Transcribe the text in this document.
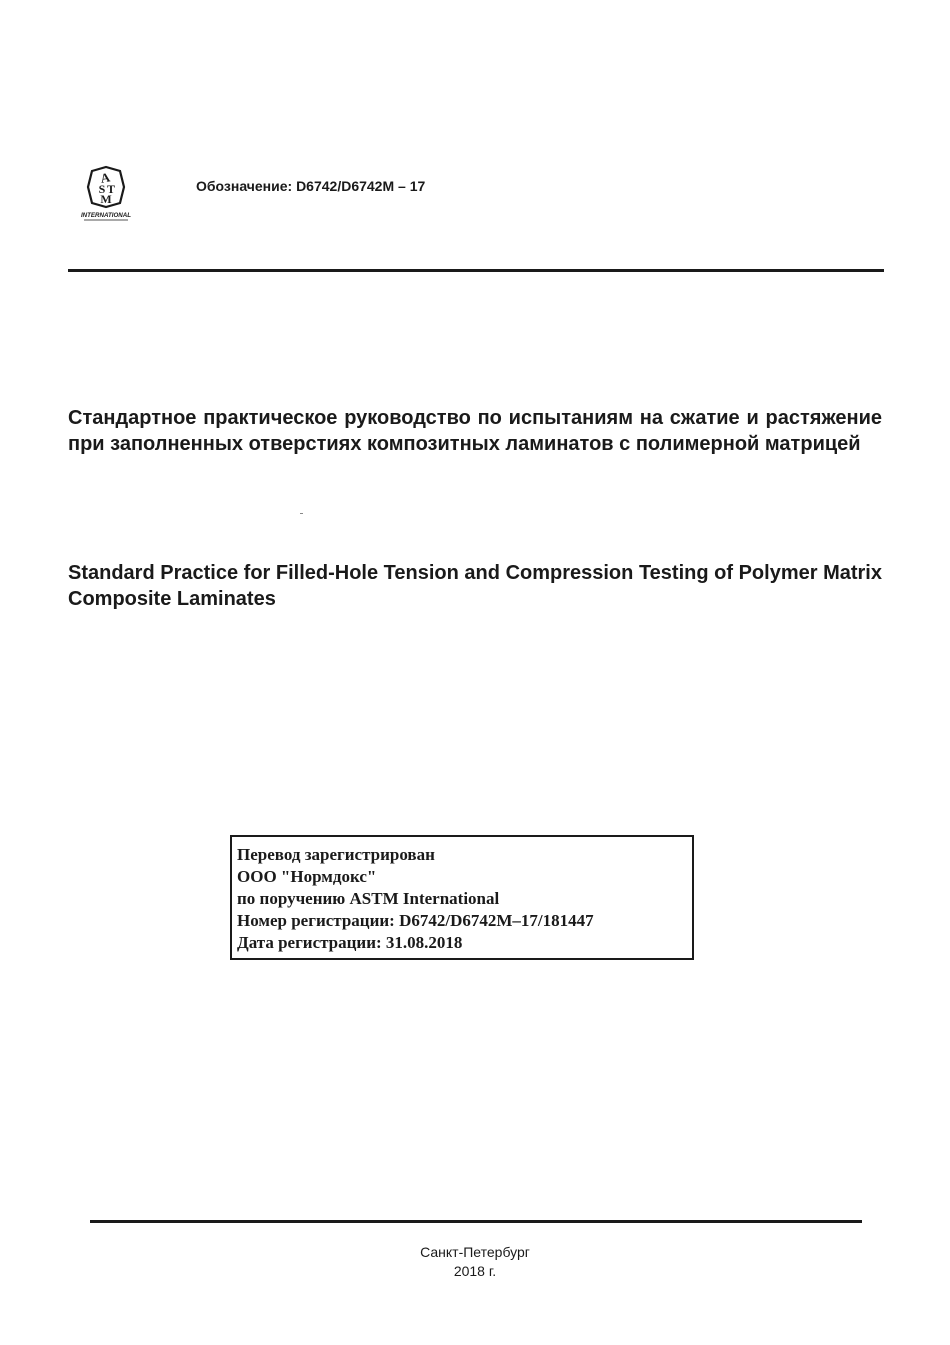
A
S T
M
INTERNATIONAL
Обозначение: D6742/D6742M – 17
Стандартное практическое руководство по испытаниям на сжатие и растяжение при заполненных отверстиях композитных ламинатов с полимерной матрицей
Standard Practice for Filled-Hole Tension and Compression Testing of Polymer Matrix Composite Laminates
Перевод зарегистрирован
ООО "Нормдокс"
по поручению ASTM International
Номер регистрации: D6742/D6742M–17/181447
Дата регистрации: 31.08.2018
Санкт-Петербург
2018 г.
